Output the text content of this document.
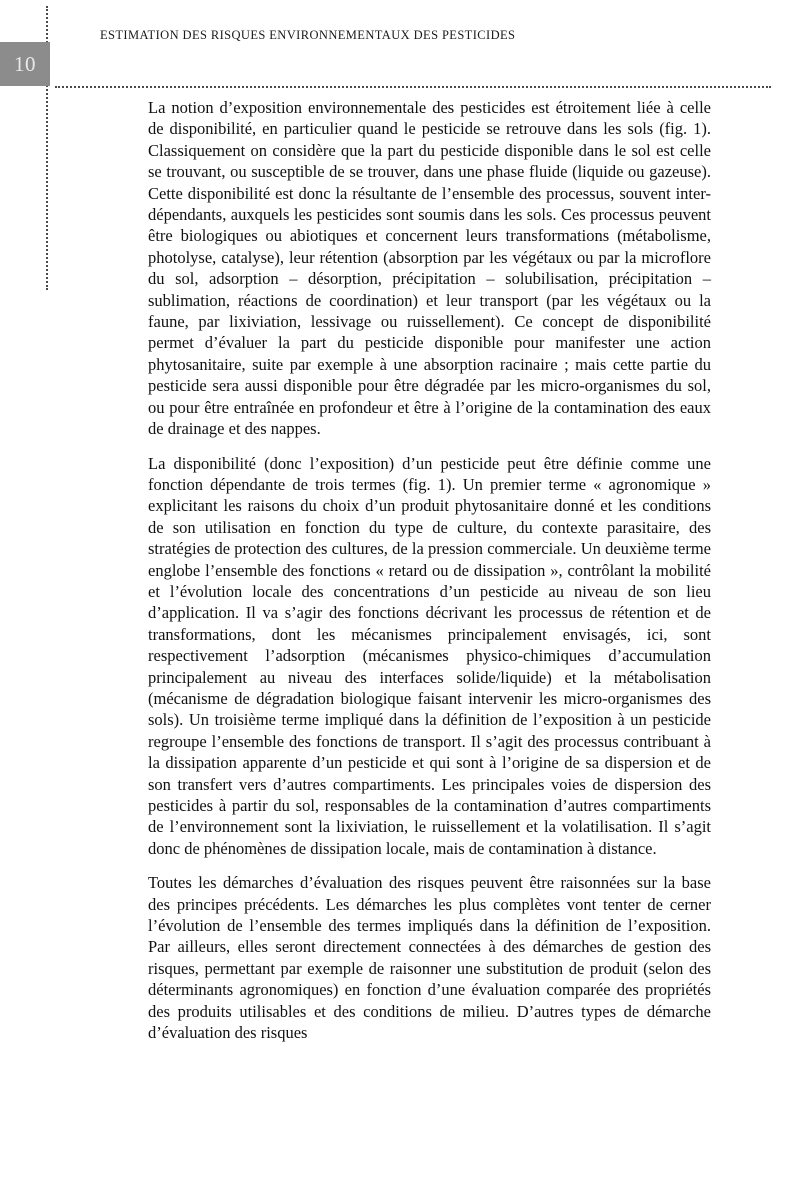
10
ESTIMATION DES RISQUES ENVIRONNEMENTAUX DES PESTICIDES

La notion d’exposition environnementale des pesticides est étroitement liée à celle de disponibilité, en particulier quand le pesticide se retrouve dans les sols (fig. 1). Classiquement on considère que la part du pesticide disponible dans le sol est celle se trouvant, ou susceptible de se trouver, dans une phase fluide (liquide ou gazeuse). Cette disponibilité est donc la résultante de l’ensemble des processus, souvent inter-dépendants, auxquels les pesticides sont soumis dans les sols. Ces processus peuvent être biologiques ou abiotiques et concernent leurs transformations (métabolisme, photolyse, catalyse), leur rétention (absorption par les végétaux ou par la microflore du sol, adsorption – désorption, précipitation – solubilisation, précipitation – sublimation, réactions de coordination) et leur transport (par les végétaux ou la faune, par lixiviation, lessivage ou ruissellement). Ce concept de disponibilité permet d’évaluer la part du pesticide disponible pour manifester une action phytosanitaire, suite par exemple à une absorption racinaire ; mais cette partie du pesticide sera aussi disponible pour être dégradée par les micro-organismes du sol, ou pour être entraînée en profondeur et être à l’origine de la contamination des eaux de drainage et des nappes.

La disponibilité (donc l’exposition) d’un pesticide peut être définie comme une fonction dépendante de trois termes (fig. 1). Un premier terme « agronomique » explicitant les raisons du choix d’un produit phytosanitaire donné et les conditions de son utilisation en fonction du type de culture, du contexte parasitaire, des stratégies de protection des cultures, de la pression commerciale. Un deuxième terme englobe l’ensemble des fonctions « retard ou de dissipation », contrôlant la mobilité et l’évolution locale des concentrations d’un pesticide au niveau de son lieu d’application. Il va s’agir des fonctions décrivant les processus de rétention et de transformations, dont les mécanismes principalement envisagés, ici, sont respectivement l’adsorption (mécanismes physico-chimiques d’accumulation principalement au niveau des interfaces solide/liquide) et la métabolisation (mécanisme de dégradation biologique faisant intervenir les micro-organismes des sols). Un troisième terme impliqué dans la définition de l’exposition à un pesticide regroupe l’ensemble des fonctions de transport. Il s’agit des processus contribuant à la dissipation apparente d’un pesticide et qui sont à l’origine de sa dispersion et de son transfert vers d’autres compartiments. Les principales voies de dispersion des pesticides à partir du sol, responsables de la contamination d’autres compartiments de l’environnement sont la lixiviation, le ruissellement et la volatilisation. Il s’agit donc de phénomènes de dissipation locale, mais de contamination à distance.

Toutes les démarches d’évaluation des risques peuvent être raisonnées sur la base des principes précédents. Les démarches les plus complètes vont tenter de cerner l’évolution de l’ensemble des termes impliqués dans la définition de l’exposition. Par ailleurs, elles seront directement connectées à des démarches de gestion des risques, permettant par exemple de raisonner une substitution de produit (selon des déterminants agronomiques) en fonction d’une évaluation comparée des propriétés des produits utilisables et des conditions de milieu. D’autres types de démarche d’évaluation des risques
